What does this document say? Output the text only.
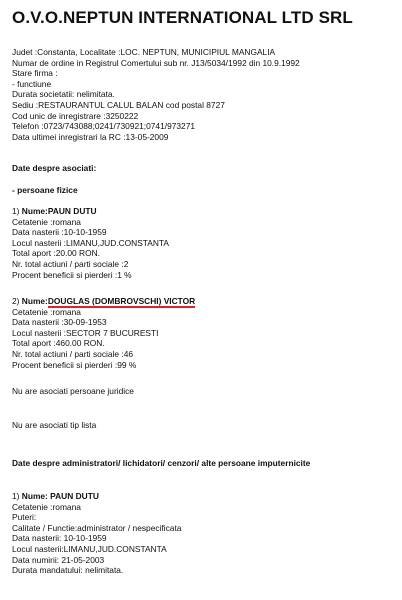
O.V.O.NEPTUN INTERNATIONAL LTD SRL
Judet :Constanta, Localitate :LOC. NEPTUN, MUNICIPIUL MANGALIA
Numar de ordine in Registrul Comertului sub nr. J13/5034/1992 din 10.9.1992
Stare firma :
- functiune
Durata societatii: nelimitata.
Sediu :RESTAURANTUL CALUL BALAN cod postal 8727
Cod unic de inregistrare :3250222
Telefon :0723/743088;0241/730921;0741/973271
Data ultimei inregistrari la RC :13-05-2009
Date despre asociati:
- persoane fizice
1) Nume:PAUN DUTU
Cetatenie :romana
Data nasterii :10-10-1959
Locul nasterii :LIMANU,JUD.CONSTANTA
Total aport :20.00 RON.
Nr. total actiuni / parti sociale :2
Procent beneficii si pierderi :1 %
2) Nume:DOUGLAS (DOMBROVSCHI) VICTOR
Cetatenie :romana
Data nasterii :30-09-1953
Locul nasterii :SECTOR 7 BUCURESTI
Total aport :460.00 RON.
Nr. total actiuni / parti sociale :46
Procent beneficii si pierderi :99 %
Nu are asociati persoane juridice
Nu are asociati tip lista
Date despre administratori/ lichidatori/ cenzori/ alte persoane imputernicite
1) Nume: PAUN DUTU
Cetatenie :romana
Puteri:
Calitate / Functie:administrator / nespecificata
Data nasterii: 10-10-1959
Locul nasterii:LIMANU,JUD.CONSTANTA
Data numirii: 21-05-2003
Durata mandatului: nelimitata.
